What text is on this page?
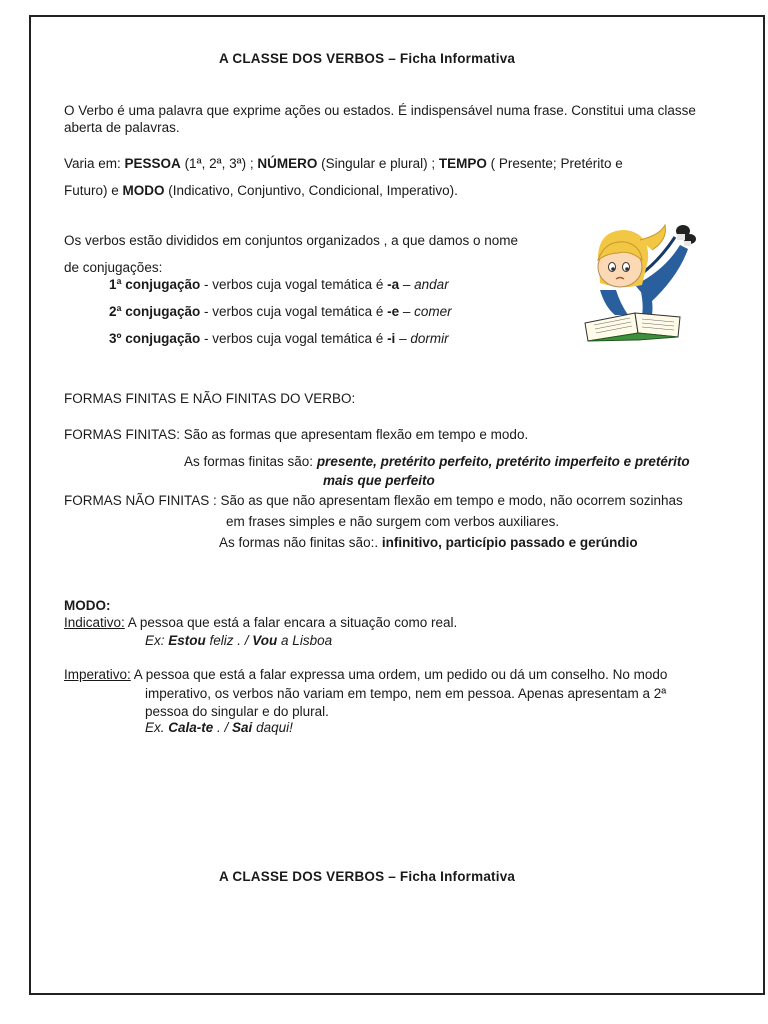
A CLASSE DOS VERBOS – Ficha Informativa
O Verbo é uma palavra que exprime ações ou estados. É indispensável numa frase. Constitui uma classe
aberta de palavras.
Varia em: PESSOA (1ª, 2ª, 3ª) ; NÚMERO (Singular e plural) ; TEMPO ( Presente; Pretérito e
Futuro) e MODO (Indicativo, Conjuntivo, Condicional, Imperativo).
Os verbos estão divididos em conjuntos organizados , a que damos o nome
de conjugações:
1ª conjugação - verbos cuja vogal temática é -a – andar
2ª conjugação - verbos cuja vogal temática é -e – comer
3º conjugação - verbos cuja vogal temática é -i – dormir
FORMAS FINITAS E NÃO FINITAS DO VERBO:
FORMAS FINITAS: São as formas que apresentam flexão em tempo e modo.
As formas finitas são: presente, pretérito perfeito, pretérito imperfeito e pretérito
mais que perfeito
FORMAS NÃO FINITAS : São as que não apresentam flexão em tempo e modo, não ocorrem sozinhas
em frases simples e não surgem com verbos auxiliares.
As formas não finitas são:. infinitivo, particípio passado e gerúndio
MODO:
Indicativo: A pessoa que está a falar encara a situação como real.
Ex: Estou feliz . / Vou a Lisboa
Imperativo: A pessoa que está a falar expressa uma ordem, um pedido ou dá um conselho. No modo
imperativo, os verbos não variam em tempo, nem em pessoa. Apenas apresentam a 2ª
pessoa do singular e do plural.
Ex. Cala-te . / Sai daqui!
A CLASSE DOS VERBOS – Ficha Informativa
